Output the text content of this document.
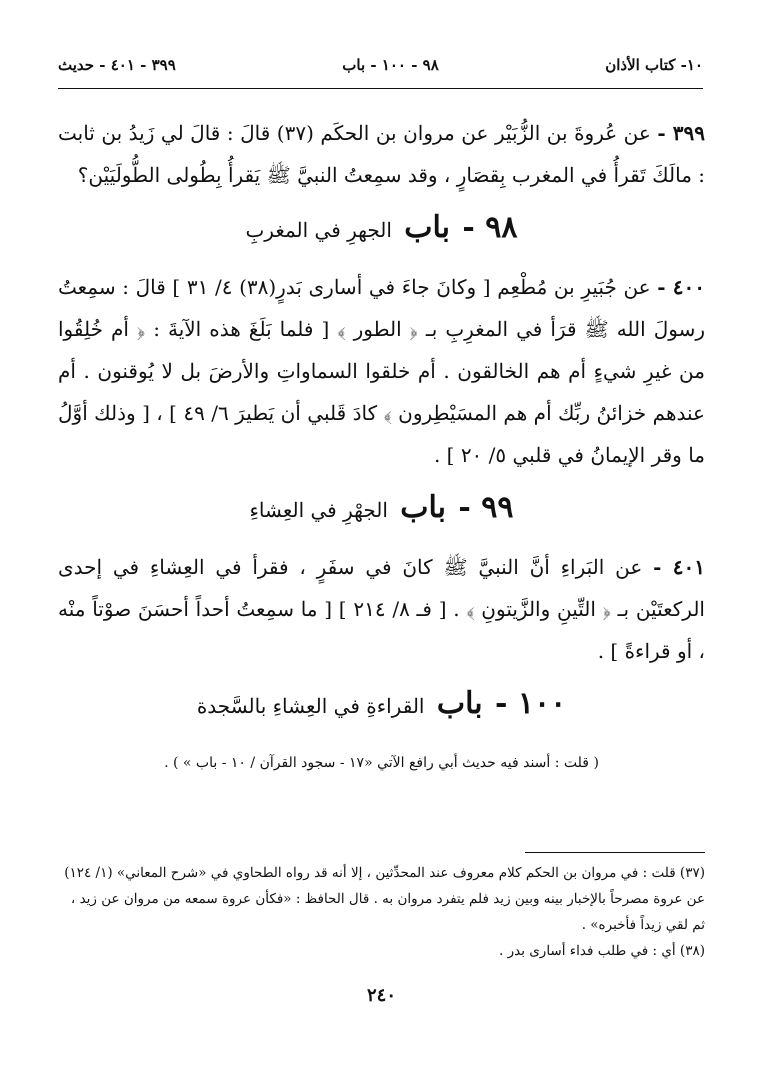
١٠- كتاب الأذان
٩٨ - ١٠٠ - باب
٣٩٩ - ٤٠١ - حديث

٣٩٩ - عن عُروةَ بن الزُّبَيْر عن مروان بن الحكَم (٣٧) قالَ : قالَ لي زَيدُ بن ثابت : مالَكَ تَقرأُ في المغرب بِقصَارٍ ، وقد سمِعتُ النبيَّ ﷺ يَقرأُ بِطُولى الطُّولَيَيْن؟

٩٨ - باب الجهرِ في المغربِ

٤٠٠ - عن جُبَيرِ بن مُطْعِم [ وكانَ جاءَ في أسارى بَدرٍ(٣٨) ٤/ ٣١ ] قالَ : سمِعتُ رسولَ الله ﷺ قرَأ في المغرِبِ بـ ﴿ الطور ﴾ [ فلما بَلَغَ هذه الآيةَ : ﴿ أم خُلِقُوا من غيرِ شيءٍ أم هم الخالقون . أم خلقوا السماواتِ والأرضَ بل لا يُوقنون . أم عندهم خزائنُ ربِّك أم هم المسَيْطِرون ﴾ كادَ قَلبي أن يَطيرَ ٦/ ٤٩ ] ، [ وذلك أوَّلُ ما وقر الإيمانُ في قلبي ٥/ ٢٠ ] .

٩٩ - باب الجهْرِ في العِشاءِ

٤٠١ - عن البَراءِ أنَّ النبيَّ ﷺ كانَ في سفَرٍ ، فقرأ في العِشاءِ في إحدى الركعتَيْن بـ ﴿ التِّينِ والزَّيتونِ ﴾ . [ فـ ٨/ ٢١٤ ] [ ما سمِعتُ أحداً أحسَنَ صوْتاً منْه ، أو قراءةً ] .

١٠٠ - باب القراءةِ في العِشاءِ بالسَّجدة
( قلت : أسند فيه حديث أبي رافع الآتي «١٧ - سجود القرآن / ١٠ - باب » ) .
(٣٧) قلت : في مروان بن الحكم كلام معروف عند المحدِّثين ، إلا أنه قد رواه الطحاوي في «شرح المعاني» (١/ ١٢٤) عن عروة مصرحاً بالإخبار بينه وبين زيد فلم يتفرد مروان به . قال الحافظ : «فكأن عروة سمعه من مروان عن زيد ، ثم لقي زيداً فأخبره» .
(٣٨) أي : في طلب فداء أسارى بدر .
٢٤٠
